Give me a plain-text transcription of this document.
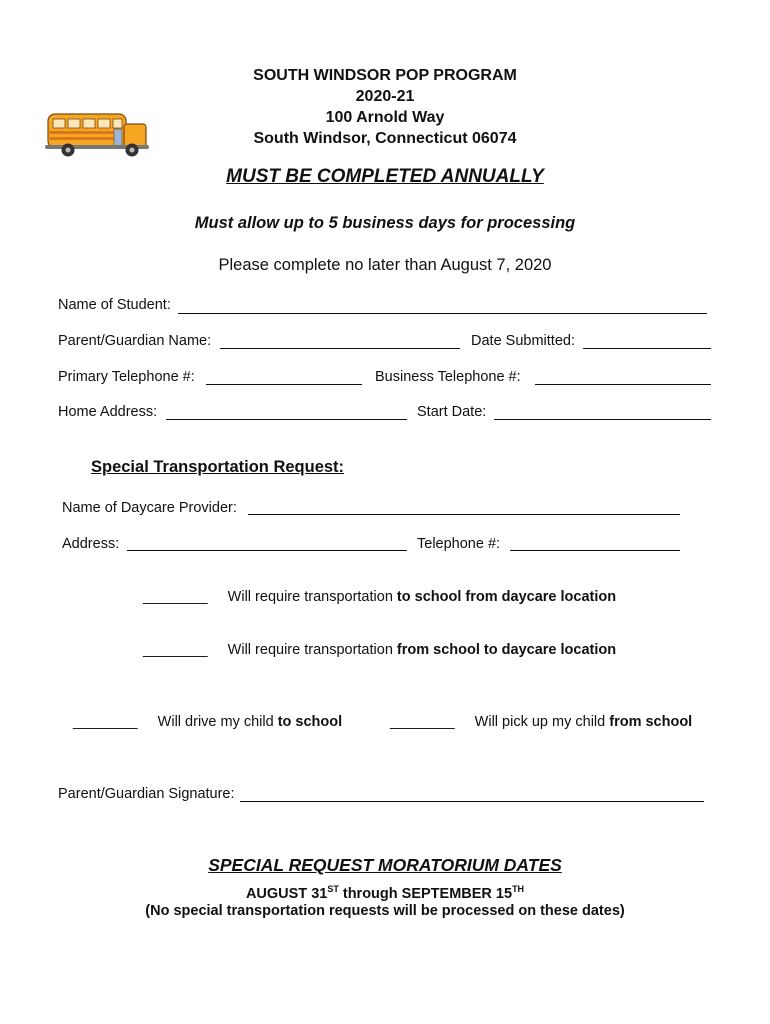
SOUTH WINDSOR POP PROGRAM
2020-21
100 Arnold Way
South Windsor, Connecticut 06074
MUST BE COMPLETED ANNUALLY
Must allow up to 5 business days for processing
Please complete no later than August 7, 2020
Name of Student:
Parent/Guardian Name:	Date Submitted:
Primary Telephone #:	Business Telephone #:
Home Address:	Start Date:
Special Transportation Request:
Name of Daycare Provider:
Address:	Telephone #:
________ Will require transportation to school from daycare location
________ Will require transportation from school to daycare location
________ Will drive my child to school	________ Will pick up my child from school
Parent/Guardian Signature:
SPECIAL REQUEST MORATORIUM DATES
AUGUST 31ST through SEPTEMBER 15TH
(No special transportation requests will be processed on these dates)
